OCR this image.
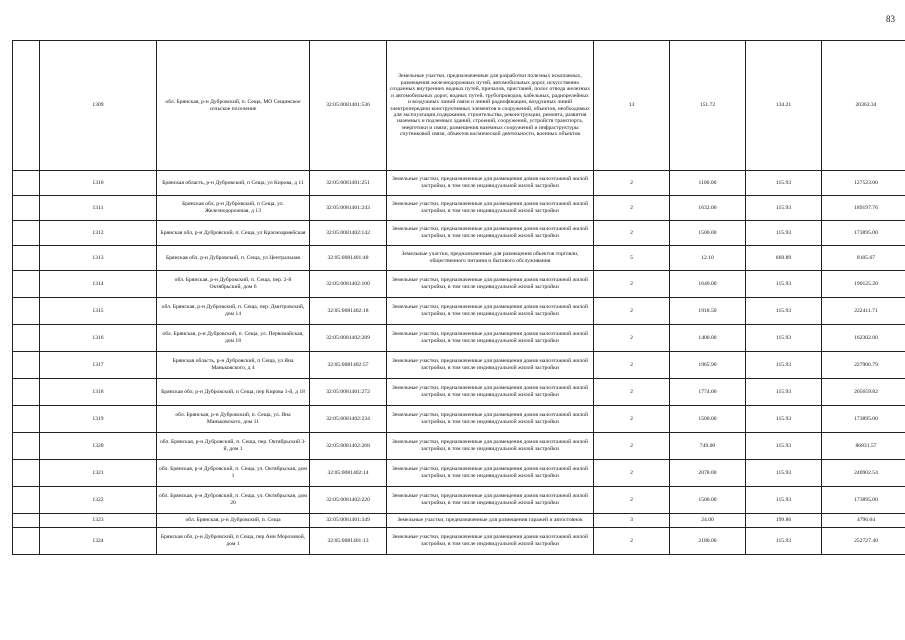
83
	1309	обл. Брянская, р-н Дубровский, п. Сеща, МО Сещинское сельское поселение	32:05:0081401:536	Земельные участки, предназначенные для разработки полезных ископаемых, размещения железнодорожных путей, автомобильных дорог, искусственно созданных внутренних водных путей, причалов, пристаней, полос отвода железных и автомобильных дорог, водных путей, трубопроводов, кабельных, радиорелейных и воздушных линий связи и линий радиофикации, воздушных линий электропередачи конструктивных элементов и сооружений, объектов, необходимых для эксплуатации,содержания, строительства, реконструкции, ремонта, развития наземных и подземных зданий, строений, сооружений, устройств транспорта, энергетики и связи; размещения наземных сооружений и инфраструктуры спутниковой связи, объектов космической деятельности, военных объектов	13	151.72	134.21	20362.34
	1310	Брянская область, р-н Дубровский, п Сеща, ул Кирова, д 11	32:05:0081401:251	Земельные участки, предназначенные для размещения домов малоэтажной жилой застройки, в том числе индивидуальной жилой застройки	2	1100.00	115.93	127523.00
	1311	Брянская обл, р-н Дубровский, п Сеща, ул. Железнодорожная, д 13	32:05:0081401:243	Земельные участки, предназначенные для размещения домов малоэтажной жилой застройки, в том числе индивидуальной жилой застройки	2	1632.00	115.93	189197.76
	1312	Брянская обл, р-н Дубровский, п. Сеща, ул Красноармейская	32:05:0081402:142	Земельные участки, предназначенные для размещения домов малоэтажной жилой застройки, в том числе индивидуальной жилой застройки	2	1500.00	115.93	173895.00
	1313	Брянская обл, р-н Дубровский, п. Сеща, ул Центральная	32:05:0081401:48	Земельные участки, предназначенные для размещения объектов торговли, общественного питания и бытового обслуживания	5	12.10	669.89	8105.67
	1314	обл. Брянская, р-н Дубровский, п. Сеща, пер. 2-й Октябрьский, дом 6	32:05:0081402:100	Земельные участки, предназначенные для размещения домов малоэтажной жилой застройки, в том числе индивидуальной жилой застройки	2	1640.00	115.93	190125.20
	1315	обл. Брянская, р-н Дубровский, п. Сеща, пер. Дмитровский, дом 14	32:05:0081402:18	Земельные участки, предназначенные для размещения домов малоэтажной жилой застройки, в том числе индивидуальной жилой застройки	2	1918.50	115.93	222411.71
	1316	обл. Брянская, р-н Дубровский, п. Сеща, ул. Первомайская, дом 18	32:05:0081402:289	Земельные участки, предназначенные для размещения домов малоэтажной жилой застройки, в том числе индивидуальной жилой застройки	2	1400.00	115.93	162302.00
	1317	Брянская область, р-н Дубровский, п Сеща, ул Яна Маньковского, д 4	32:05:0081402:57	Земельные участки, предназначенные для размещения домов малоэтажной жилой застройки, в том числе индивидуальной жилой застройки	2	1965.90	115.93	227906.79
	1318	Брянская обл, р-н Дубровский, п Сеща, пер Кирова 1-й, д 18	32:05:0081401:272	Земельные участки, предназначенные для размещения домов малоэтажной жилой застройки, в том числе индивидуальной жилой застройки	2	1774.00	115.93	205659.82
	1319	обл. Брянская, р-н Дубровский, п. Сеща, ул. Яна Маньковского, дом 11	32:05:0081402:234	Земельные участки, предназначенные для размещения домов малоэтажной жилой застройки, в том числе индивидуальной жилой застройки	2	1500.00	115.93	173895.00
	1320	обл. Брянская, р-н Дубровский, п. Сеща, пер. Октябрьский 3-й, дом 1	32:05:0081402:268	Земельные участки, предназначенные для размещения домов малоэтажной жилой застройки, в том числе индивидуальной жилой застройки	2	749.00	115.93	86831.57
	1321	обл. Брянская, р-н Дубровский, п. Сеща, ул. Октябрьская, дом 1	32:05:0081402:14	Земельные участки, предназначенные для размещения домов малоэтажной жилой застройки, в том числе индивидуальной жилой застройки	2	2078.00	115.93	240902.54
	1322	обл. Брянская, р-н Дубровский, п. Сеща, ул. Октябрьская, дом 20	32:05:0081402:220	Земельные участки, предназначенные для размещения домов малоэтажной жилой застройки, в том числе индивидуальной жилой застройки	2	1500.00	115.93	173895.00
	1323	обл. Брянская, р-н Дубровский, п. Сеща	32:05:0081401:349	Земельные участки, предназначенные для размещения гаражей и автостоянок	3	24.00	199.86	4796.64
	1324	Брянская обл, р-н Дубровский, п Сеща, пер Анн Морозовой, дом 1	32:05:0081401:13	Земельные участки, предназначенные для размещения домов малоэтажной жилой застройки, в том числе индивидуальной жилой застройки	2	2180.00	115.93	252727.40
